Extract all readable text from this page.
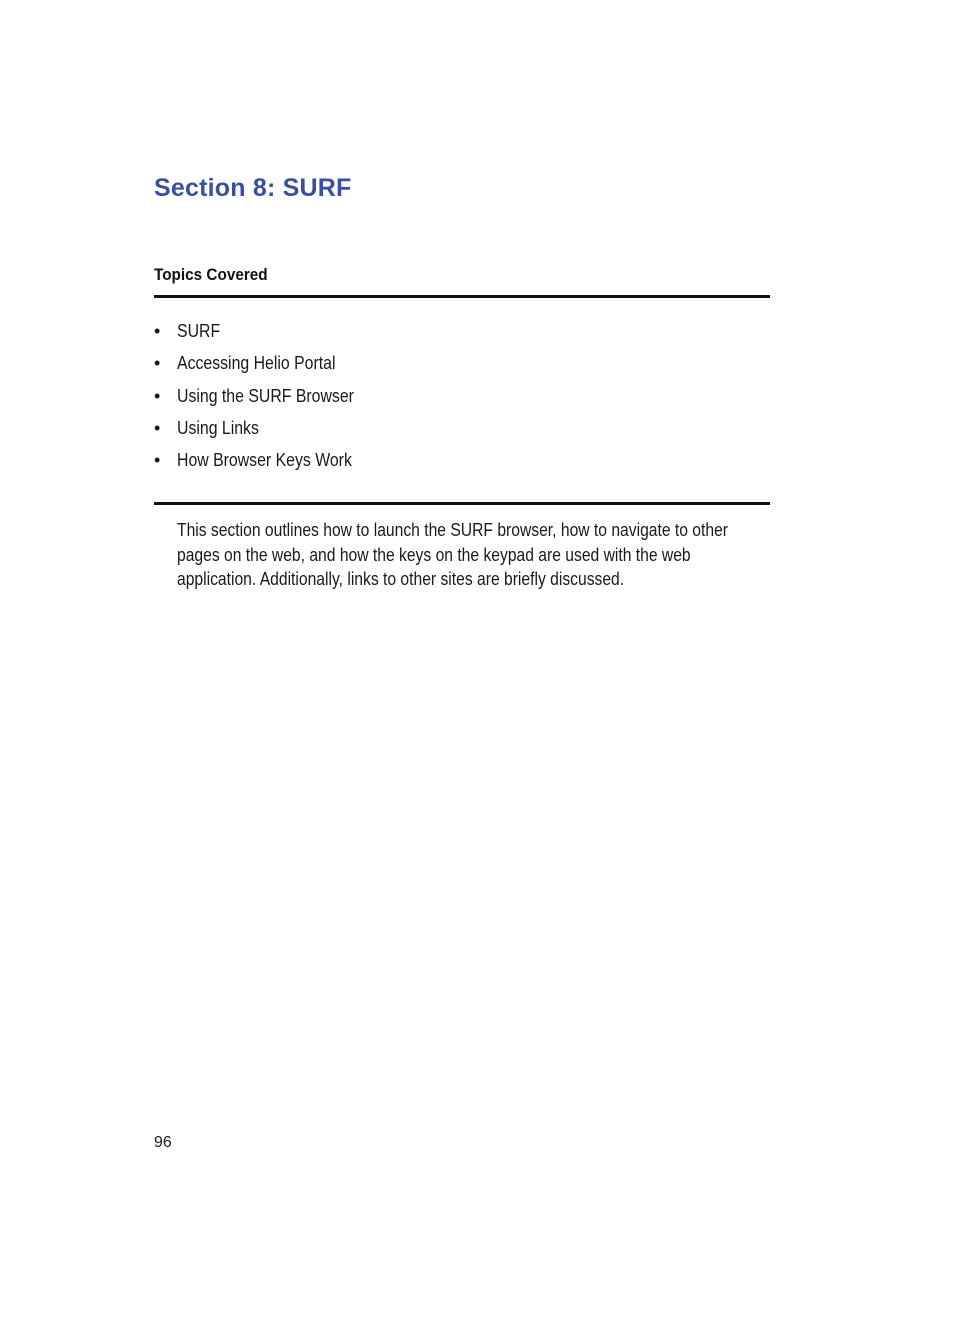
Section 8: SURF
Topics Covered
• SURF
• Accessing Helio Portal
• Using the SURF Browser
• Using Links
• How Browser Keys Work

This section outlines how to launch the SURF browser, how to navigate to other pages on the web, and how the keys on the keypad are used with the web application. Additionally, links to other sites are briefly discussed.

96
